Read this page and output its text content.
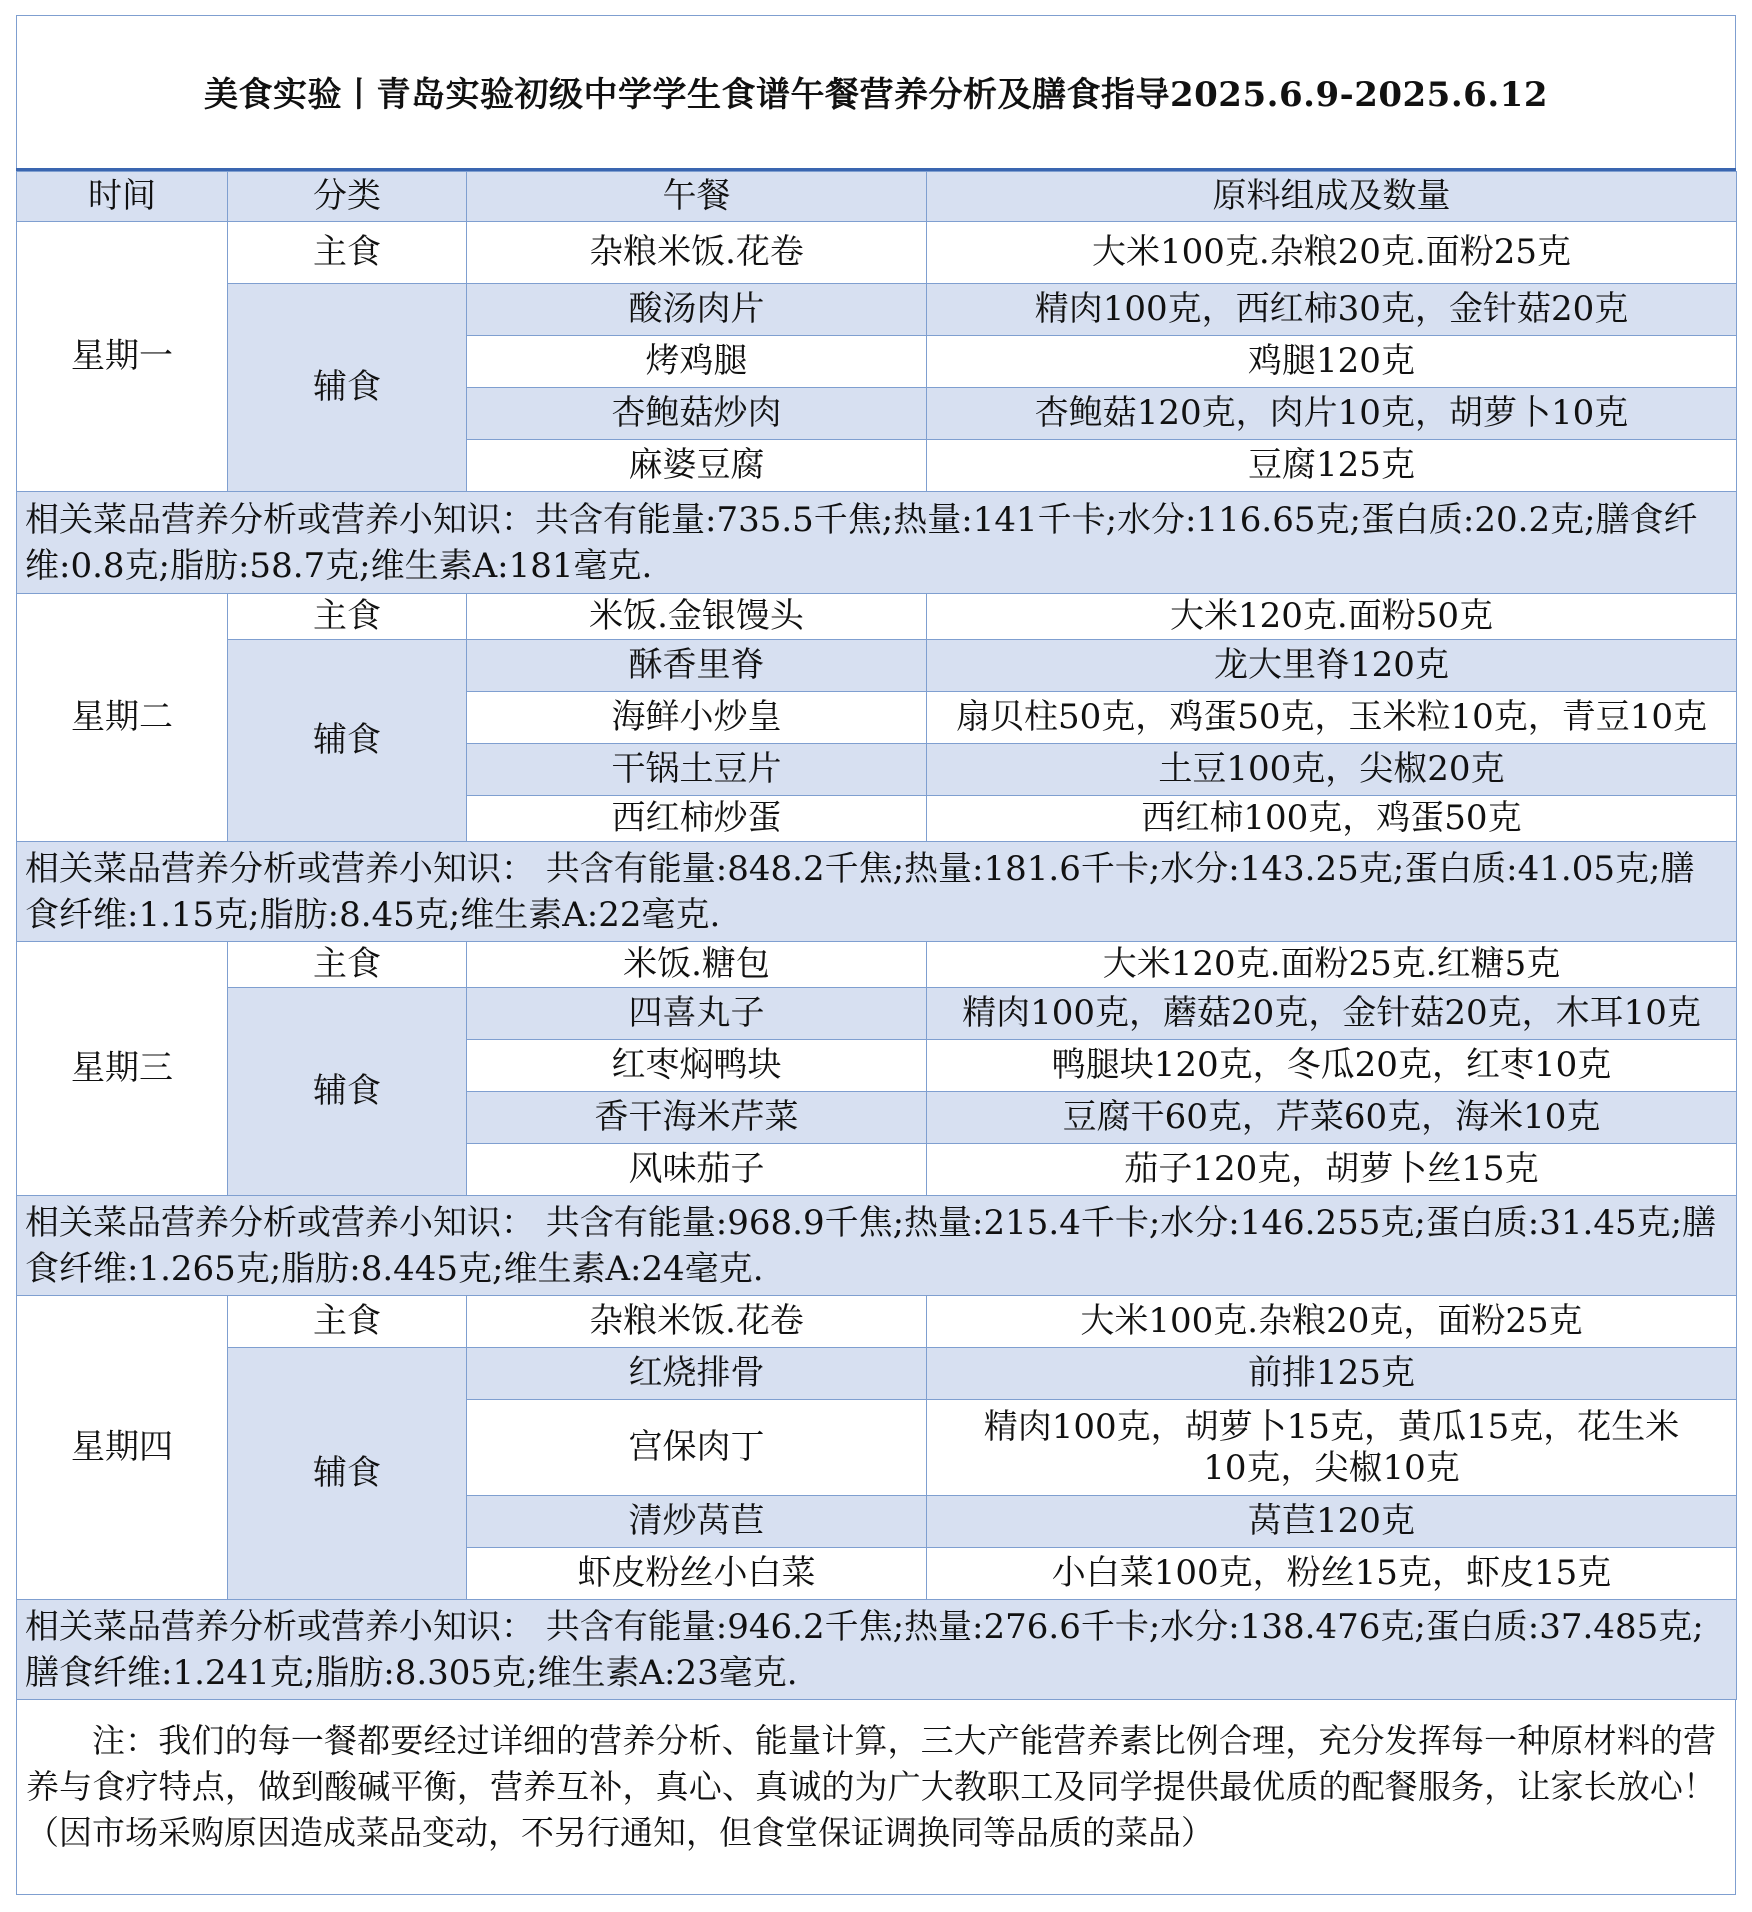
美食实验丨青岛实验初级中学学生食谱午餐营养分析及膳食指导2025.6.9-2025.6.12
时间	分类	午餐	原料组成及数量
星期一	主食	杂粮米饭.花卷	大米100克.杂粮20克.面粉25克
	辅食	酸汤肉片	精肉100克，西红柿30克，金针菇20克
		烤鸡腿	鸡腿120克
		杏鲍菇炒肉	杏鲍菇120克，肉片10克，胡萝卜10克
		麻婆豆腐	豆腐125克
相关菜品营养分析或营养小知识：共含有能量:735.5千焦;热量:141千卡;水分:116.65克;蛋白质:20.2克;膳食纤维:0.8克;脂肪:58.7克;维生素A:181毫克.			
星期二	主食	米饭.金银馒头	大米120克.面粉50克
	辅食	酥香里脊	龙大里脊120克
		海鲜小炒皇	扇贝柱50克，鸡蛋50克，玉米粒10克，青豆10克
		干锅土豆片	土豆100克，尖椒20克
		西红柿炒蛋	西红柿100克，鸡蛋50克
相关菜品营养分析或营养小知识： 共含有能量:848.2千焦;热量:181.6千卡;水分:143.25克;蛋白质:41.05克;膳食纤维:1.15克;脂肪:8.45克;维生素A:22毫克.			
星期三	主食	米饭.糖包	大米120克.面粉25克.红糖5克
	辅食	四喜丸子	精肉100克，蘑菇20克，金针菇20克，木耳10克
		红枣焖鸭块	鸭腿块120克，冬瓜20克，红枣10克
		香干海米芹菜	豆腐干60克，芹菜60克，海米10克
		风味茄子	茄子120克，胡萝卜丝15克
相关菜品营养分析或营养小知识： 共含有能量:968.9千焦;热量:215.4千卡;水分:146.255克;蛋白质:31.45克;膳食纤维:1.265克;脂肪:8.445克;维生素A:24毫克.			
星期四	主食	杂粮米饭.花卷	大米100克.杂粮20克，面粉25克
	辅食	红烧排骨	前排125克
		宫保肉丁	精肉100克，胡萝卜15克，黄瓜15克，花生米10克，尖椒10克
		清炒莴苣	莴苣120克
		虾皮粉丝小白菜	小白菜100克，粉丝15克，虾皮15克
相关菜品营养分析或营养小知识： 共含有能量:946.2千焦;热量:276.6千卡;水分:138.476克;蛋白质:37.485克;膳食纤维:1.241克;脂肪:8.305克;维生素A:23毫克.			
注：我们的每一餐都要经过详细的营养分析、能量计算，三大产能营养素比例合理，充分发挥每一种原材料的营养与食疗特点，做到酸碱平衡，营养互补，真心、真诚的为广大教职工及同学提供最优质的配餐服务，让家长放心！（因市场采购原因造成菜品变动，不另行通知，但食堂保证调换同等品质的菜品）
